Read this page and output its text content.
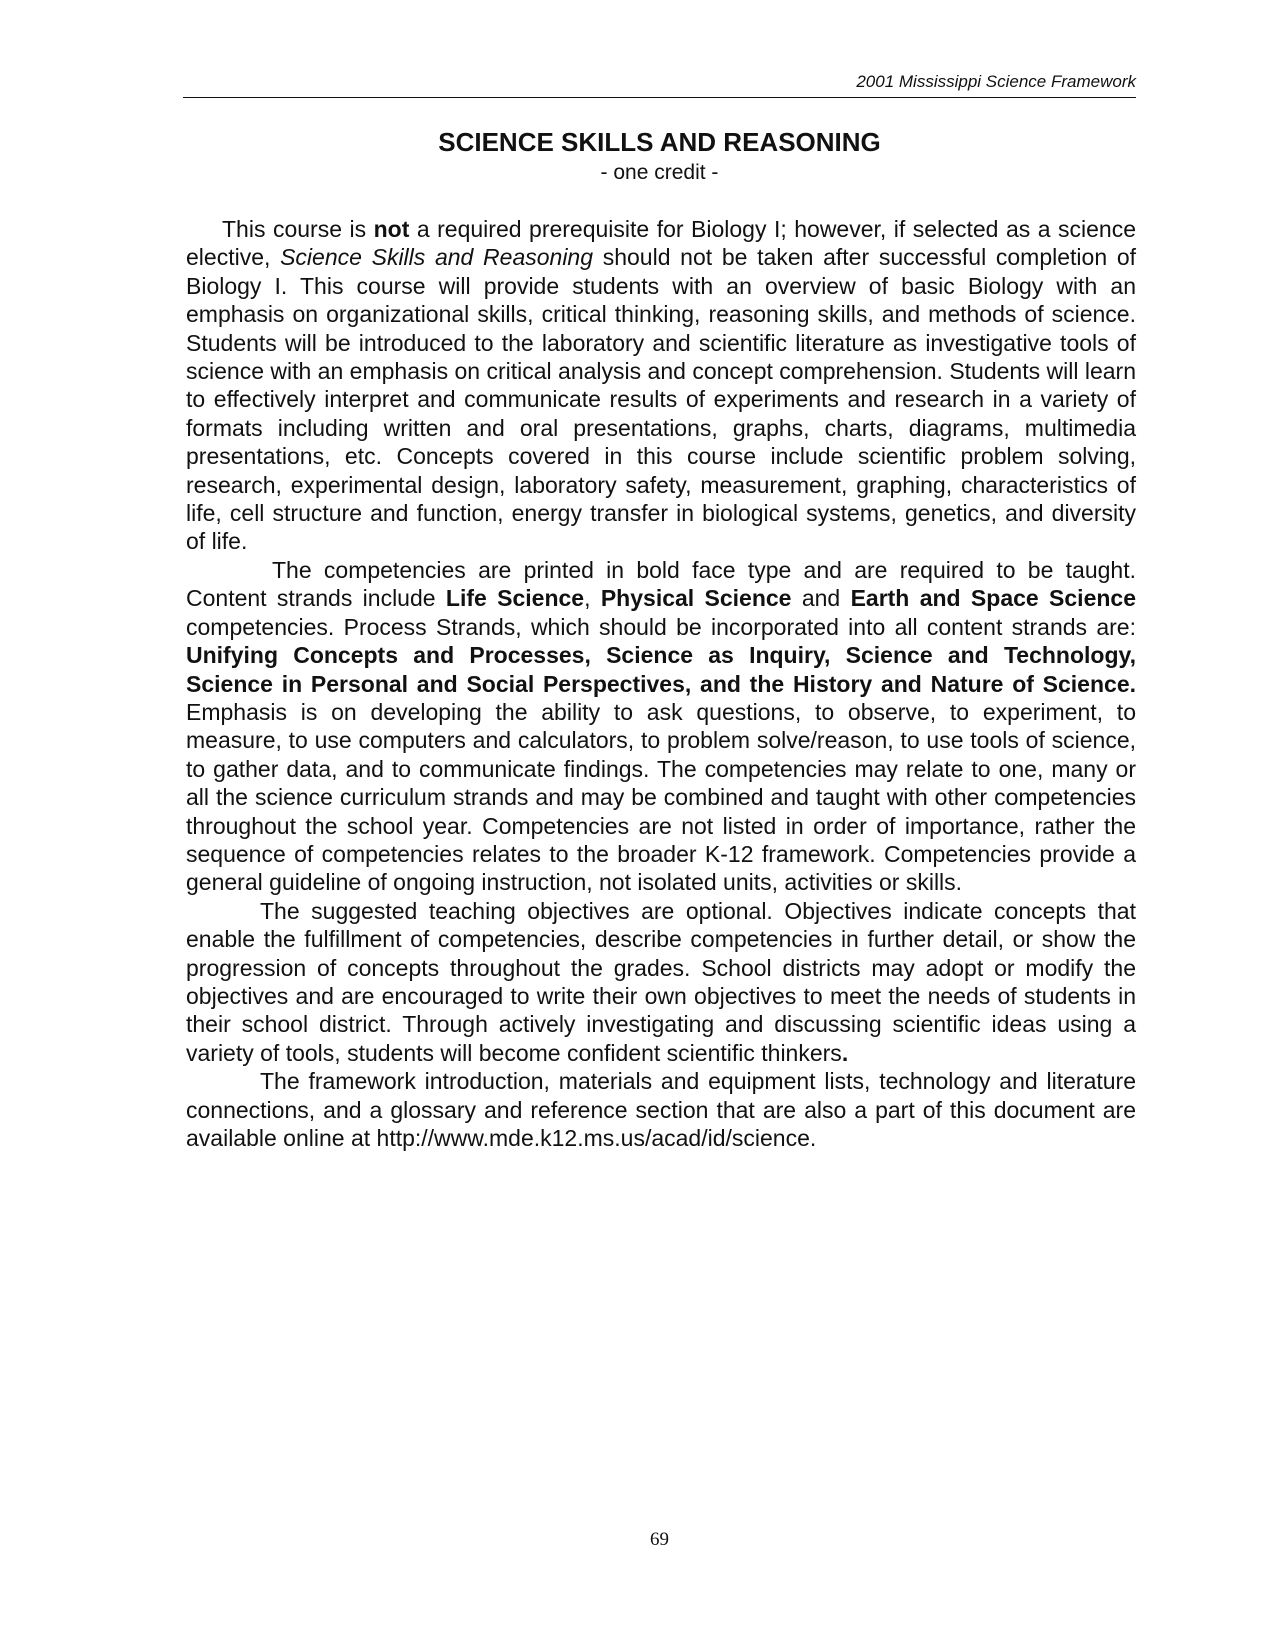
2001 Mississippi Science Framework
SCIENCE SKILLS AND REASONING
- one credit -

This course is not a required prerequisite for Biology I; however, if selected as a science elective, Science Skills and Reasoning should not be taken after successful completion of Biology I. This course will provide students with an overview of basic Biology with an emphasis on organizational skills, critical thinking, reasoning skills, and methods of science. Students will be introduced to the laboratory and scientific literature as investigative tools of science with an emphasis on critical analysis and concept comprehension. Students will learn to effectively interpret and communicate results of experiments and research in a variety of formats including written and oral presentations, graphs, charts, diagrams, multimedia presentations, etc. Concepts covered in this course include scientific problem solving, research, experimental design, laboratory safety, measurement, graphing, characteristics of life, cell structure and function, energy transfer in biological systems, genetics, and diversity of life.

The competencies are printed in bold face type and are required to be taught. Content strands include Life Science, Physical Science and Earth and Space Science competencies. Process Strands, which should be incorporated into all content strands are: Unifying Concepts and Processes, Science as Inquiry, Science and Technology, Science in Personal and Social Perspectives, and the History and Nature of Science. Emphasis is on developing the ability to ask questions, to observe, to experiment, to measure, to use computers and calculators, to problem solve/reason, to use tools of science, to gather data, and to communicate findings. The competencies may relate to one, many or all the science curriculum strands and may be combined and taught with other competencies throughout the school year. Competencies are not listed in order of importance, rather the sequence of competencies relates to the broader K-12 framework. Competencies provide a general guideline of ongoing instruction, not isolated units, activities or skills.

The suggested teaching objectives are optional. Objectives indicate concepts that enable the fulfillment of competencies, describe competencies in further detail, or show the progression of concepts throughout the grades. School districts may adopt or modify the objectives and are encouraged to write their own objectives to meet the needs of students in their school district. Through actively investigating and discussing scientific ideas using a variety of tools, students will become confident scientific thinkers.

The framework introduction, materials and equipment lists, technology and literature connections, and a glossary and reference section that are also a part of this document are available online at http://www.mde.k12.ms.us/acad/id/science.

69
